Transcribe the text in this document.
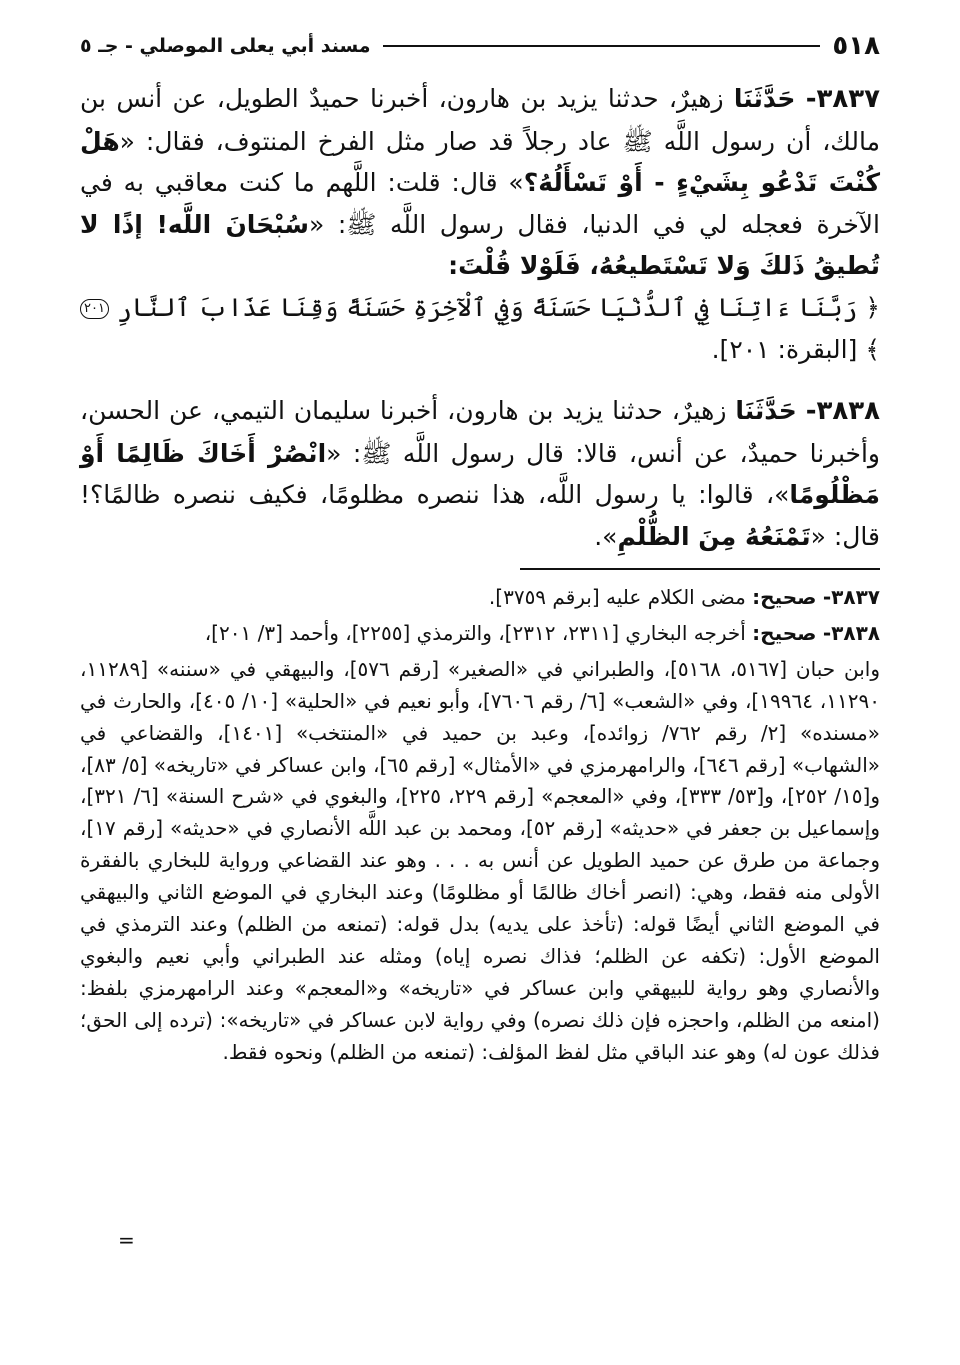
٥١٨
مسند أبي يعلى الموصلي - جـ ٥

٣٨٣٧- حَدَّثَنَا زهيرٌ، حدثنا يزيد بن هارون، أخبرنا حميدٌ الطويل، عن أنس بن مالك، أن رسول اللَّه ﷺ عاد رجلاً قد صار مثل الفرخ المنتوف، فقال: «هَلْ كُنْتَ تَدْعُو بِشَيْءٍ - أَوْ تَسْأَلُهُ؟» قال: قلت: اللَّهم ما كنت معاقبي به في الآخرة فعجله لي في الدنيا، فقال رسول اللَّه ﷺ: «سُبْحَانَ اللَّه! إذًا لا تُطيقُ ذَلكَ وَلا تَسْتَطيعُهُ، فَلَوْلا قُلْتَ:
﴿ رَبَّنَا ءَاتِنَا فِي ٱلدُّنْيَا حَسَنَةً وَفِي ٱلْآخِرَةِ حَسَنَةً وَقِنَا عَذَابَ ٱلنَّارِ ٢٠١ ﴾ [البقرة: ٢٠١].

٣٨٣٨- حَدَّثَنَا زهيرٌ، حدثنا يزيد بن هارون، أخبرنا سليمان التيمي، عن الحسن، وأخبرنا حميدٌ، عن أنس، قالا: قال رسول اللَّه ﷺ: «انْصُرْ أَخَاكَ ظَالِمًا أَوْ مَظْلُومًا»، قالوا: يا رسول اللَّه، هذا ننصره مظلومًا، فكيف ننصره ظالمًا؟! قال: «تَمْنَعُهُ مِنَ الظُّلْمِ».

٣٨٣٧- صحيح: مضى الكلام عليه [برقم ٣٧٥٩].

٣٨٣٨- صحيح: أخرجه البخاري [٢٣١١، ٢٣١٢]، والترمذي [٢٢٥٥]، وأحمد [٣/ ٢٠١]،

وابن حبان [٥١٦٧، ٥١٦٨]، والطبراني في «الصغير» [رقم ٥٧٦]، والبيهقي في «سننه» [١١٢٨٩، ١١٢٩٠، ١٩٩٦٤]، وفي «الشعب» [٦/ رقم ٧٦٠٦]، وأبو نعيم في «الحلية» [١٠/ ٤٠٥]، والحارث في «مسنده» [٢/ رقم ٧٦٢/ زوائده]، وعبد بن حميد في «المنتخب» [١٤٠١]، والقضاعي في «الشهاب» [رقم ٦٤٦]، والرامهرمزي في «الأمثال» [رقم ٦٥]، وابن عساكر في «تاريخه» [٥/ ٨٣]، و[١٥/ ٢٥٢]، و[٥٣/ ٣٣٣]، وفي «المعجم» [رقم ٢٢٩، ٢٢٥]، والبغوي في «شرح السنة» [٦/ ٣٢١]، وإسماعيل بن جعفر في «حديثه» [رقم ٥٢]، ومحمد بن عبد اللَّه الأنصاري في «حديثه» [رقم ١٧]، وجماعة من طرق عن حميد الطويل عن أنس به . . . وهو عند القضاعي ورواية للبخاري بالفقرة الأولى منه فقط، وهي: (انصر أخاك ظالمًا أو مظلومًا) وعند البخاري في الموضع الثاني والبيهقي في الموضع الثاني أيضًا قوله: (تأخذ على يديه) بدل قوله: (تمنعه من الظلم) وعند الترمذي في الموضع الأول: (تكفه عن الظلم؛ فذاك نصره إياه) ومثله عند الطبراني وأبي نعيم والبغوي والأنصاري وهو رواية للبيهقي وابن عساكر في «تاريخه» و«المعجم» وعند الرامهرمزي بلفظ: (امنعه من الظلم، واحجزه فإن ذلك نصره) وفي رواية لابن عساكر في «تاريخه»: (ترده إلى الحق؛ فذلك عون له) وهو عند الباقي مثل لفظ المؤلف: (تمنعه من الظلم) ونحوه فقط.

=
